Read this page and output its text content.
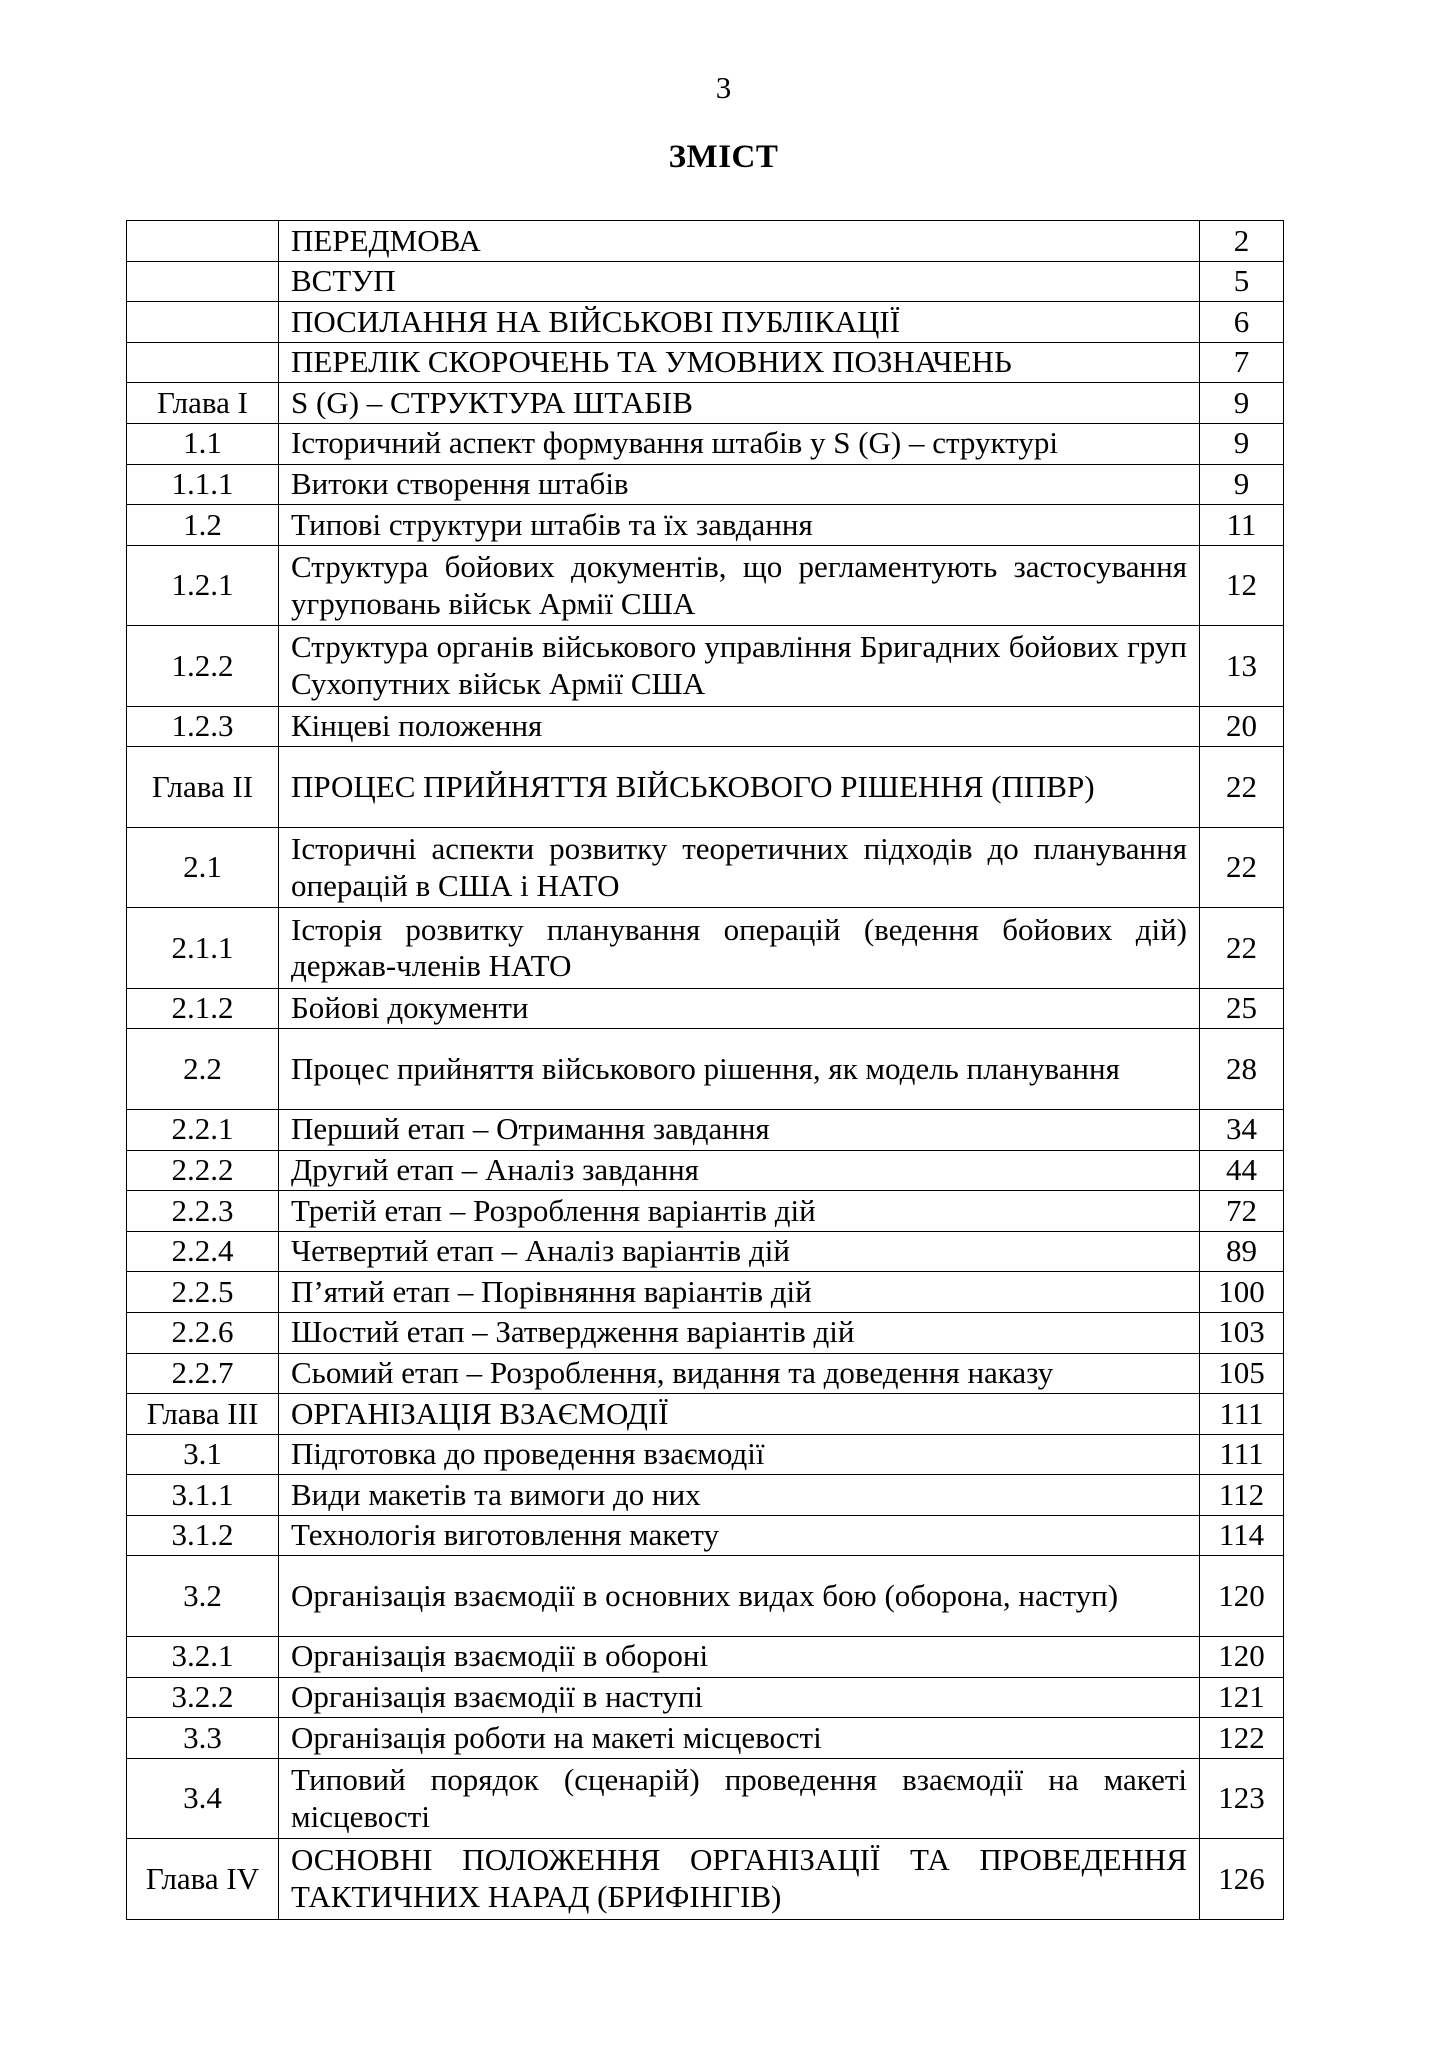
3
ЗМІСТ
	ПЕРЕДМОВА	2
	ВСТУП	5
	ПОСИЛАННЯ НА ВІЙСЬКОВІ ПУБЛІКАЦІЇ	6
	ПЕРЕЛІК СКОРОЧЕНЬ ТА УМОВНИХ ПОЗНАЧЕНЬ	7
Глава I	S (G) – СТРУКТУРА ШТАБІВ	9
1.1	Історичний аспект формування штабів у S (G) – структурі	9
1.1.1	Витоки створення штабів	9
1.2	Типові структури штабів та їх завдання	11
1.2.1	Структура бойових документів, що регламентують застосування угруповань військ Армії США	12
1.2.2	Структура органів військового управління Бригадних бойових груп Сухопутних військ Армії США	13
1.2.3	Кінцеві положення	20
Глава II	ПРОЦЕС ПРИЙНЯТТЯ ВІЙСЬКОВОГО РІШЕННЯ (ППВР)	22
2.1	Історичні аспекти розвитку теоретичних підходів до планування операцій в США і НАТО	22
2.1.1	Історія розвитку планування операцій (ведення бойових дій) держав-членів НАТО	22
2.1.2	Бойові документи	25
2.2	Процес прийняття військового рішення, як модель планування	28
2.2.1	Перший етап – Отримання завдання	34
2.2.2	Другий етап – Аналіз завдання	44
2.2.3	Третій етап – Розроблення варіантів дій	72
2.2.4	Четвертий етап – Аналіз варіантів дій	89
2.2.5	П’ятий етап – Порівняння варіантів дій	100
2.2.6	Шостий етап – Затвердження варіантів дій	103
2.2.7	Сьомий етап – Розроблення, видання та доведення наказу	105
Глава III	ОРГАНІЗАЦІЯ ВЗАЄМОДІЇ	111
3.1	Підготовка до проведення взаємодії	111
3.1.1	Види макетів та вимоги до них	112
3.1.2	Технологія виготовлення макету	114
3.2	Організація взаємодії в основних видах бою (оборона, наступ)	120
3.2.1	Організація взаємодії в обороні	120
3.2.2	Організація взаємодії в наступі	121
3.3	Організація роботи на макеті місцевості	122
3.4	Типовий порядок (сценарій) проведення взаємодії на макеті місцевості	123
Глава IV	ОСНОВНІ ПОЛОЖЕННЯ ОРГАНІЗАЦІЇ ТА ПРОВЕДЕННЯ ТАКТИЧНИХ НАРАД (БРИФІНГІВ)	126
